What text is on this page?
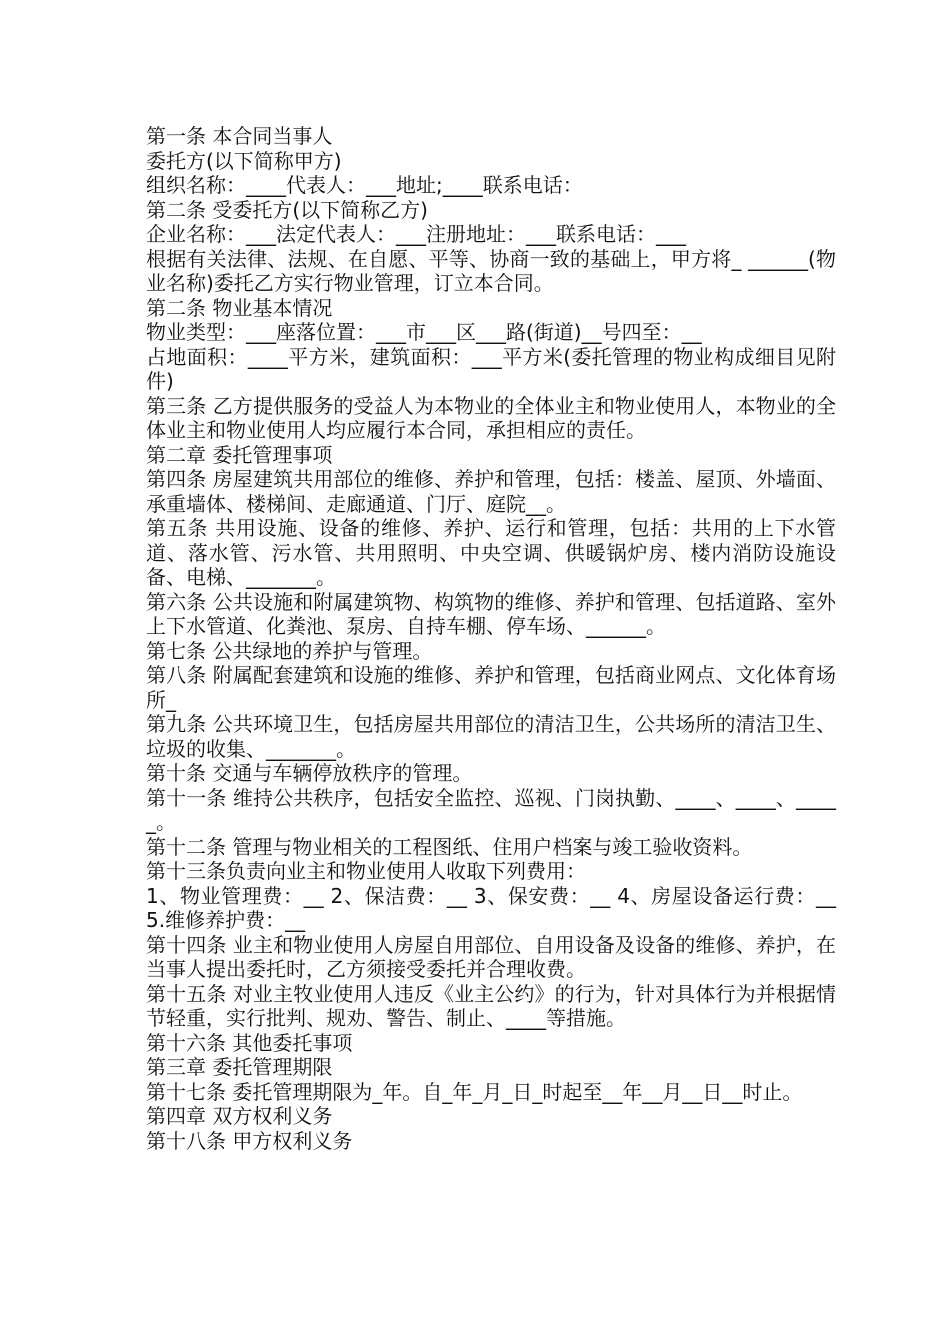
第一条 本合同当事人

委托方(以下简称甲方)

组织名称：____代表人：___地址;____联系电话：

第二条 受委托方(以下简称乙方)

企业名称：___法定代表人：___注册地址：___联系电话：___

根据有关法律、法规、在自愿、平等、协商一致的基础上，甲方将_ ______(物业名称)委托乙方实行物业管理，订立本合同。

第二条 物业基本情况

物业类型：___座落位置：___市___区___路(街道)__号四至：__

占地面积：____平方米，建筑面积：___平方米(委托管理的物业构成细目见附件)

第三条 乙方提供服务的受益人为本物业的全体业主和物业使用人，本物业的全体业主和物业使用人均应履行本合同，承担相应的责任。

第二章 委托管理事项

第四条 房屋建筑共用部位的维修、养护和管理，包括：楼盖、屋顶、外墙面、承重墙体、楼梯间、走廊通道、门厅、庭院__。

第五条 共用设施、设备的维修、养护、运行和管理，包括：共用的上下水管道、落水管、污水管、共用照明、中央空调、供暖锅炉房、楼内消防设施设备、电梯、_______。

第六条 公共设施和附属建筑物、构筑物的维修、养护和管理、包括道路、室外上下水管道、化粪池、泵房、自持车棚、停车场、______。

第七条 公共绿地的养护与管理。

第八条 附属配套建筑和设施的维修、养护和管理，包括商业网点、文化体育场所_

第九条 公共环境卫生，包括房屋共用部位的清洁卫生，公共场所的清洁卫生、垃圾的收集、_______。

第十条 交通与车辆停放秩序的管理。

第十一条 维持公共秩序，包括安全监控、巡视、门岗执勤、____、____、_____。

第十二条 管理与物业相关的工程图纸、住用户档案与竣工验收资料。

第十三条负责向业主和物业使用人收取下列费用：

1、物业管理费：__ 2、保洁费：__ 3、保安费：__ 4、房屋设备运行费：__ 5.维修养护费：__

第十四条 业主和物业使用人房屋自用部位、自用设备及设备的维修、养护，在当事人提出委托时，乙方须接受委托并合理收费。

第十五条 对业主牧业使用人违反《业主公约》的行为，针对具体行为并根据情节轻重，实行批判、规劝、警告、制止、____等措施。

第十六条 其他委托事项

第三章 委托管理期限

第十七条 委托管理期限为_年。自_年_月_日_时起至__年__月__日__时止。

第四章 双方权利义务

第十八条 甲方权利义务
